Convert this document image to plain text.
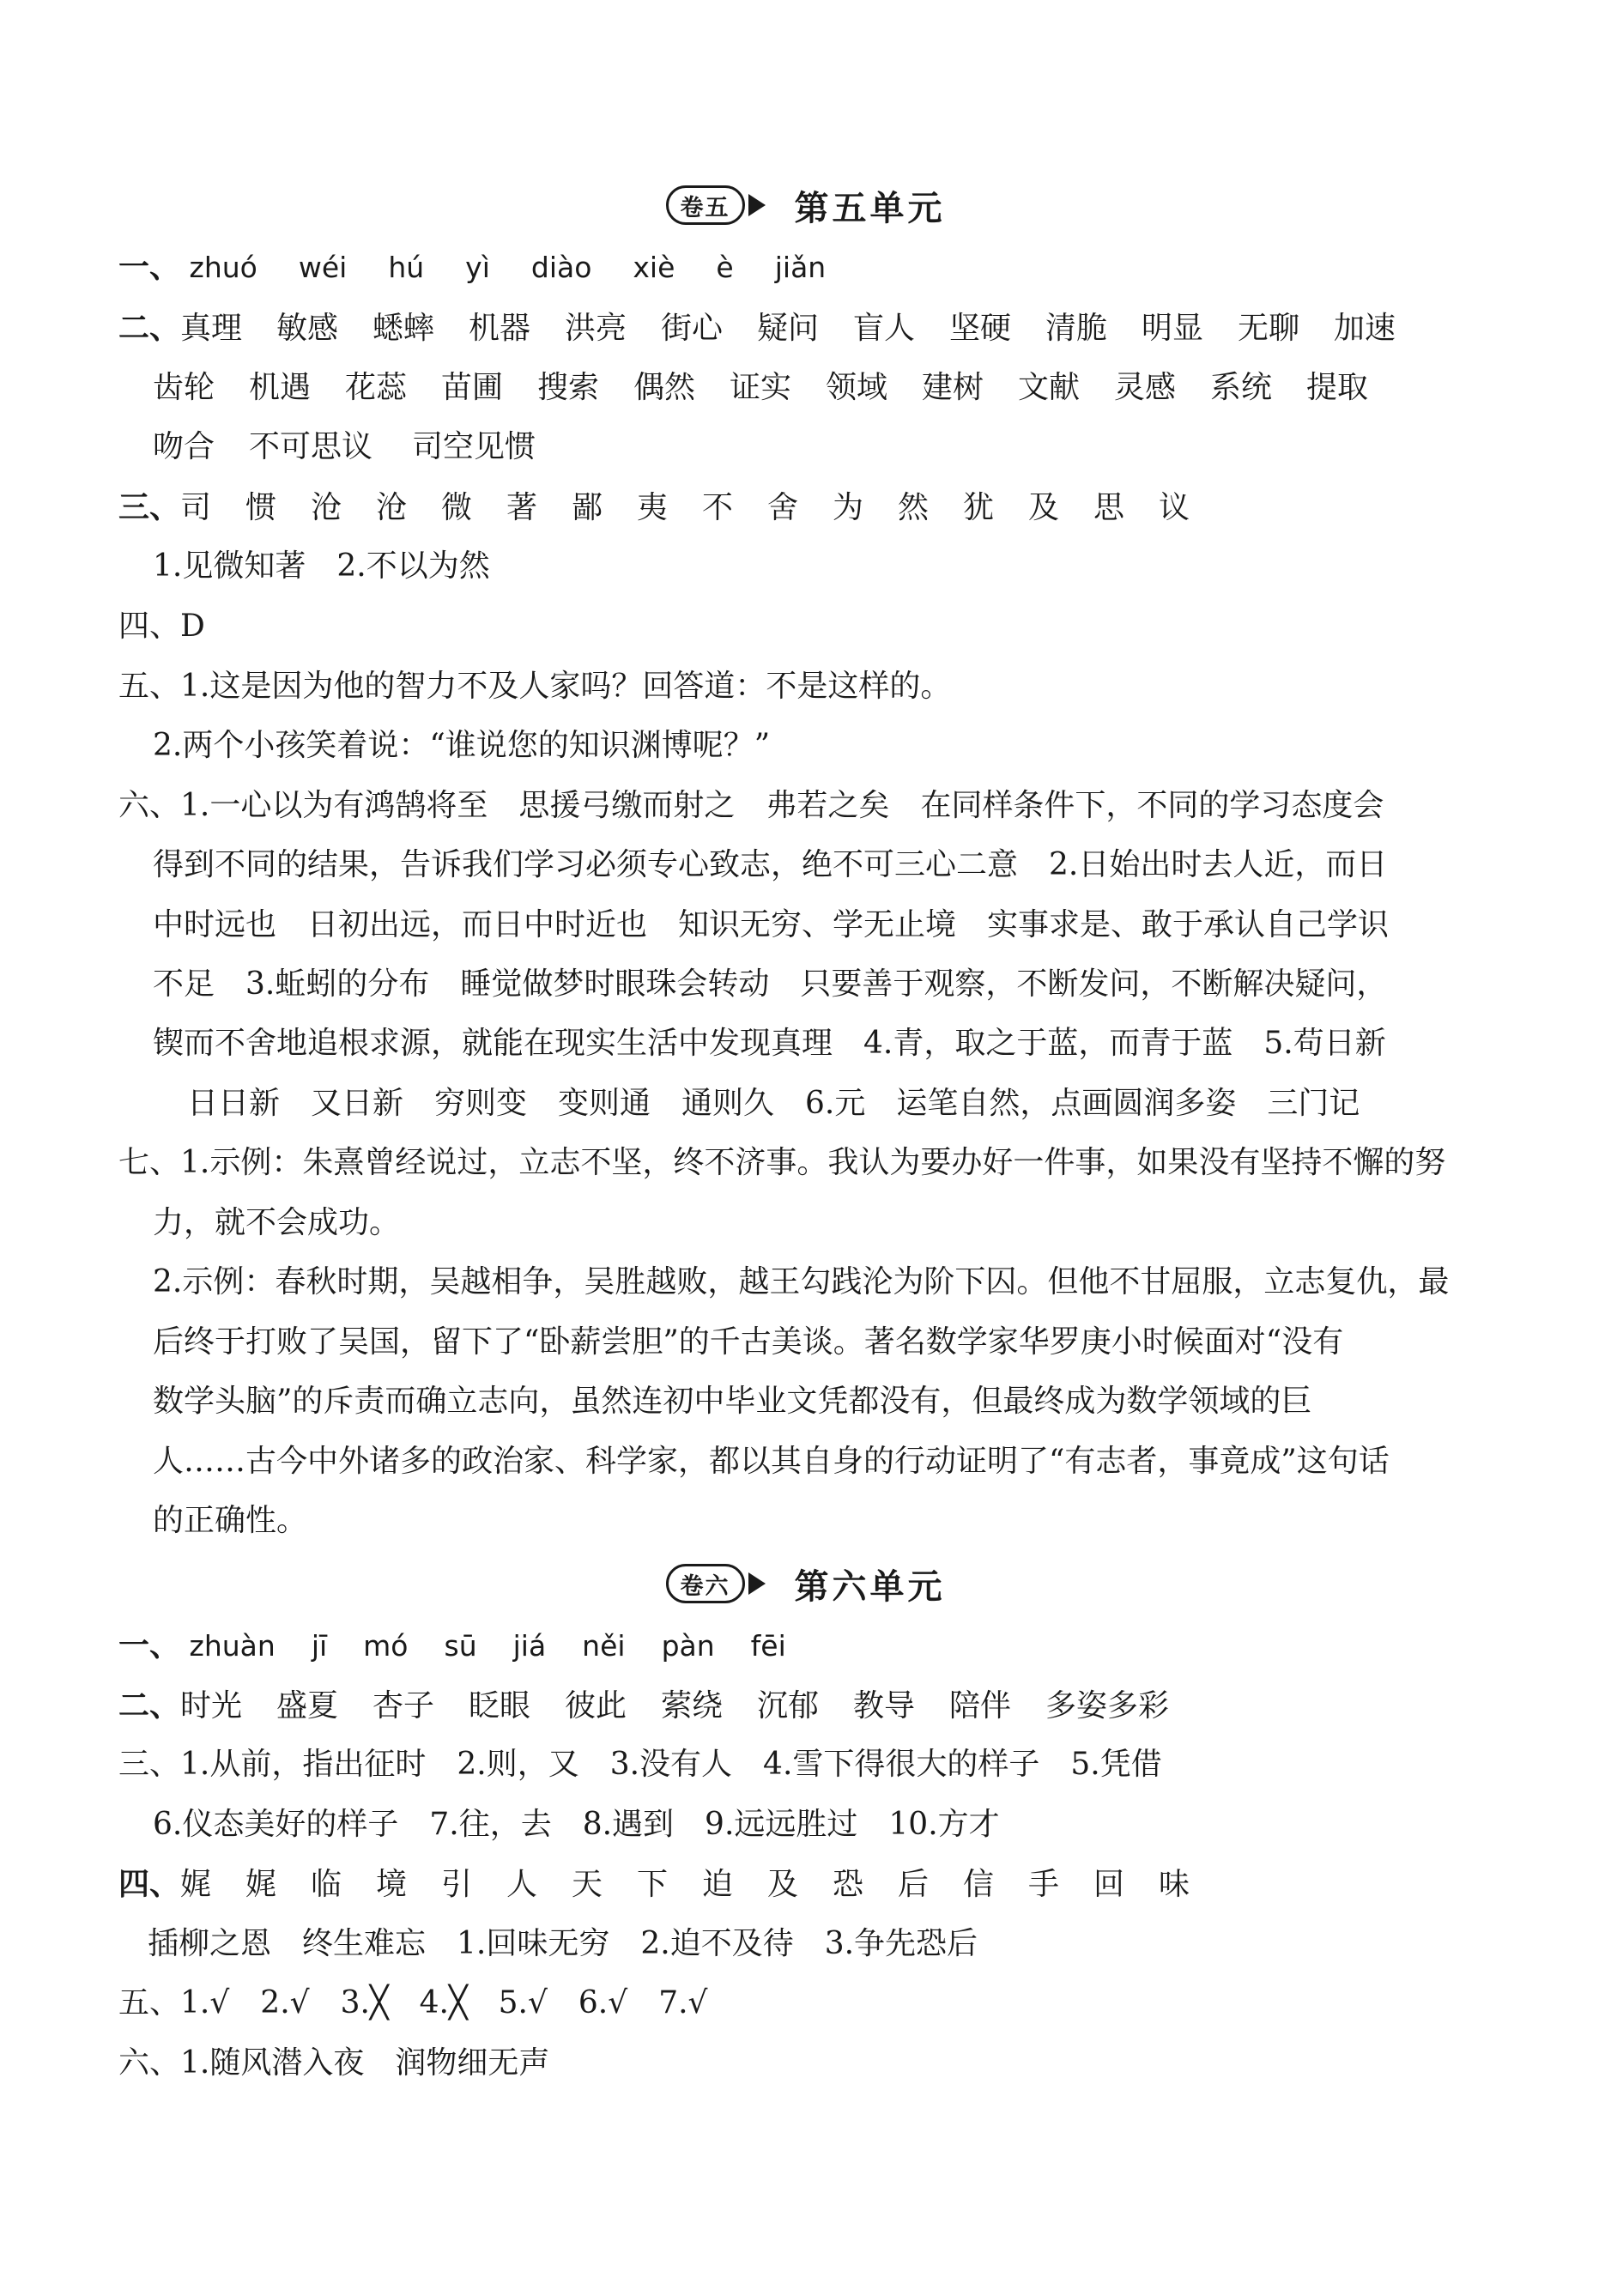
卷五	第五单元
一、 zhuó wéi hú yì diào xiè è jiǎn
二、真理 敏感 蟋蟀 机器 洪亮 街心 疑问 盲人 坚硬 清脆 明显 无聊 加速
齿轮 机遇 花蕊 苗圃 搜索 偶然 证实 领域 建树 文献 灵感 系统 提取
吻合 不可思议 司空见惯
三、司 惯 沧 沧 微 著 鄙 夷 不 舍 为 然 犹 及 思 议
1.见微知著　2.不以为然
四、D
五、1.这是因为他的智力不及人家吗？回答道：不是这样的。
2.两个小孩笑着说：“谁说您的知识渊博呢？”
六、1.一心以为有鸿鹄将至　思援弓缴而射之　弗若之矣　在同样条件下，不同的学习态度会
得到不同的结果，告诉我们学习必须专心致志，绝不可三心二意　2.日始出时去人近，而日
中时远也　日初出远，而日中时近也　知识无穷、学无止境　实事求是、敢于承认自己学识
不足　3.蚯蚓的分布　睡觉做梦时眼珠会转动　只要善于观察，不断发问，不断解决疑问，
锲而不舍地追根求源，就能在现实生活中发现真理　4.青，取之于蓝，而青于蓝　5.苟日新
日日新　又日新　穷则变　变则通　通则久　6.元　运笔自然，点画圆润多姿　三门记
七、1.示例：朱熹曾经说过，立志不坚，终不济事。我认为要办好一件事，如果没有坚持不懈的努
力，就不会成功。
2.示例：春秋时期，吴越相争，吴胜越败，越王勾践沦为阶下囚。但他不甘屈服，立志复仇，最
后终于打败了吴国，留下了“卧薪尝胆”的千古美谈。著名数学家华罗庚小时候面对“没有
数学头脑”的斥责而确立志向，虽然连初中毕业文凭都没有，但最终成为数学领域的巨
人……古今中外诸多的政治家、科学家，都以其自身的行动证明了“有志者，事竟成”这句话
的正确性。
卷六	第六单元
一、 zhuàn jī mó sū jiá něi pàn fēi
二、时光 盛夏 杏子 眨眼 彼此 萦绕 沉郁 教导 陪伴 多姿多彩
三、1.从前，指出征时　2.则，又　3.没有人　4.雪下得很大的样子　5.凭借
6.仪态美好的样子　7.往，去　8.遇到　9.远远胜过　10.方才
四、娓 娓 临 境 引 人 天 下 迫 及 恐 后 信 手 回 味
插柳之恩　终生难忘　1.回味无穷　2.迫不及待　3.争先恐后
五、1.√　2.√　3.╳　4.╳　5.√　6.√　7.√
六、1.随风潜入夜　润物细无声
